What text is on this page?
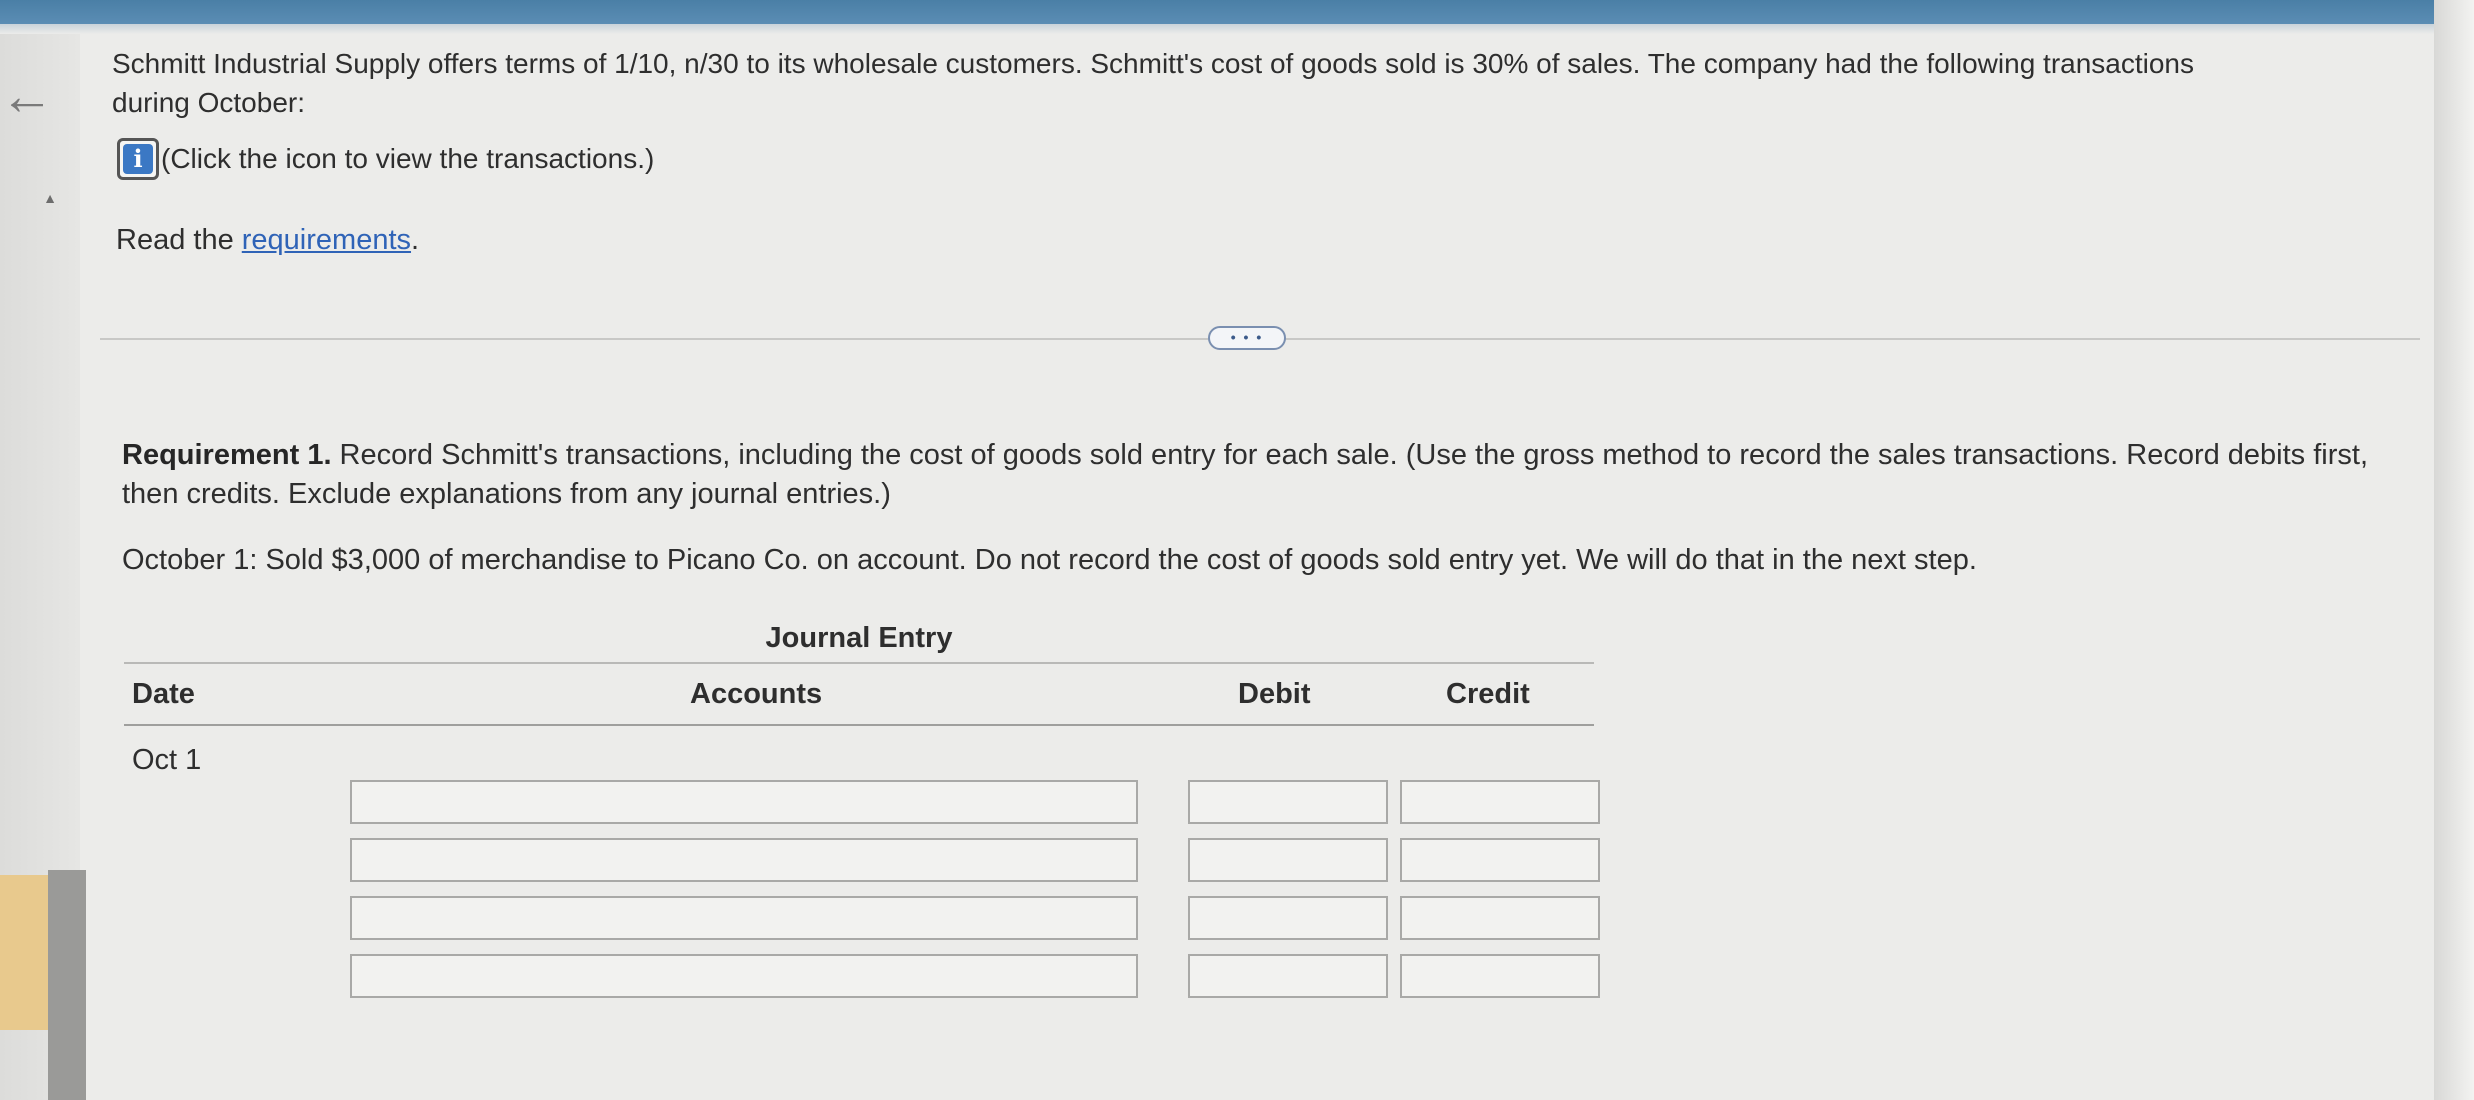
←
▲
Schmitt Industrial Supply offers terms of 1/10, n/30 to its wholesale customers. Schmitt's cost of goods sold is 30% of sales. The company had the following transactions during October:
i (Click the icon to view the transactions.)
Read the requirements.
• • •
Requirement 1. Record Schmitt's transactions, including the cost of goods sold entry for each sale. (Use the gross method to record the sales transactions. Record debits first, then credits. Exclude explanations from any journal entries.)
October 1: Sold $3,000 of merchandise to Picano Co. on account. Do not record the cost of goods sold entry yet. We will do that in the next step.
Journal Entry
Date	Accounts	Debit	Credit
Oct 1
